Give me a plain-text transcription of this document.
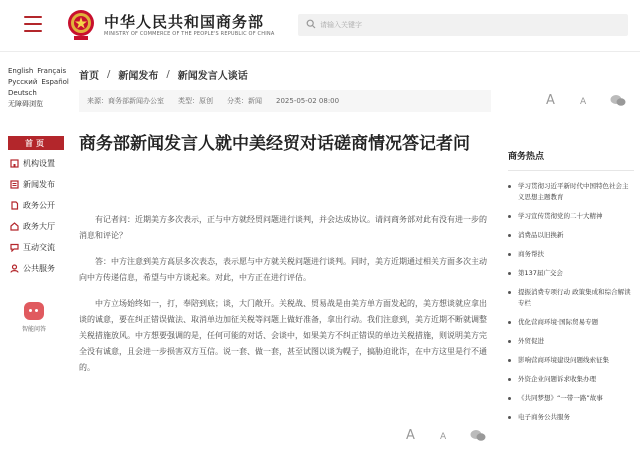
中华人民共和国商务部
MINISTRY OF COMMERCE OF THE PEOPLE'S REPUBLIC OF CHINA
请输入关键字
English Français
Русский Español
Deutsch
无障碍浏览
首页
机构设置
新闻发布
政务公开
政务大厅
互动交流
公共服务
智能问答
首页 / 新闻发布 / 新闻发言人谈话
来源：商务部新闻办公室 类型：原创 分类：新闻 2025-05-02 08:00	A	A
商务部新闻发言人就中美经贸对话磋商情况答记者问

有记者问：近期美方多次表示，正与中方就经贸问题进行谈判，并会达成协议。请问商务部对此有没有进一步的消息和评论？

答：中方注意到美方高层多次表态，表示愿与中方就关税问题进行谈判。同时，美方近期通过相关方面多次主动向中方传递信息，希望与中方谈起来。对此，中方正在进行评估。

中方立场始终如一，打，奉陪到底；谈，大门敞开。关税战、贸易战是由美方单方面发起的，美方想谈就应拿出谈的诚意，要在纠正错误做法、取消单边加征关税等问题上做好准备，拿出行动。我们注意到，美方近期不断就调整关税措施放风。中方想要强调的是，任何可能的对话、会谈中，如果美方不纠正错误的单边关税措施，则说明美方完全没有诚意，且会进一步损害双方互信。说一套、做一套，甚至试图以谈为幌子，搞胁迫讹诈，在中方这里是行不通的。

A	A
商务热点
学习贯彻习近平新时代中国特色社会主义思想主题教育
学习宣传贯彻党的二十大精神
消费品以旧换新
商务帮扶
第137届广交会
提振消费专项行动 政策集成和综合解读专栏
优化营商环境·国际贸易专题
外贸促进
影响营商环境建设问题线索征集
外资企业问题诉求收集办理
《共同梦想》“一带一路”故事
电子商务公共服务
